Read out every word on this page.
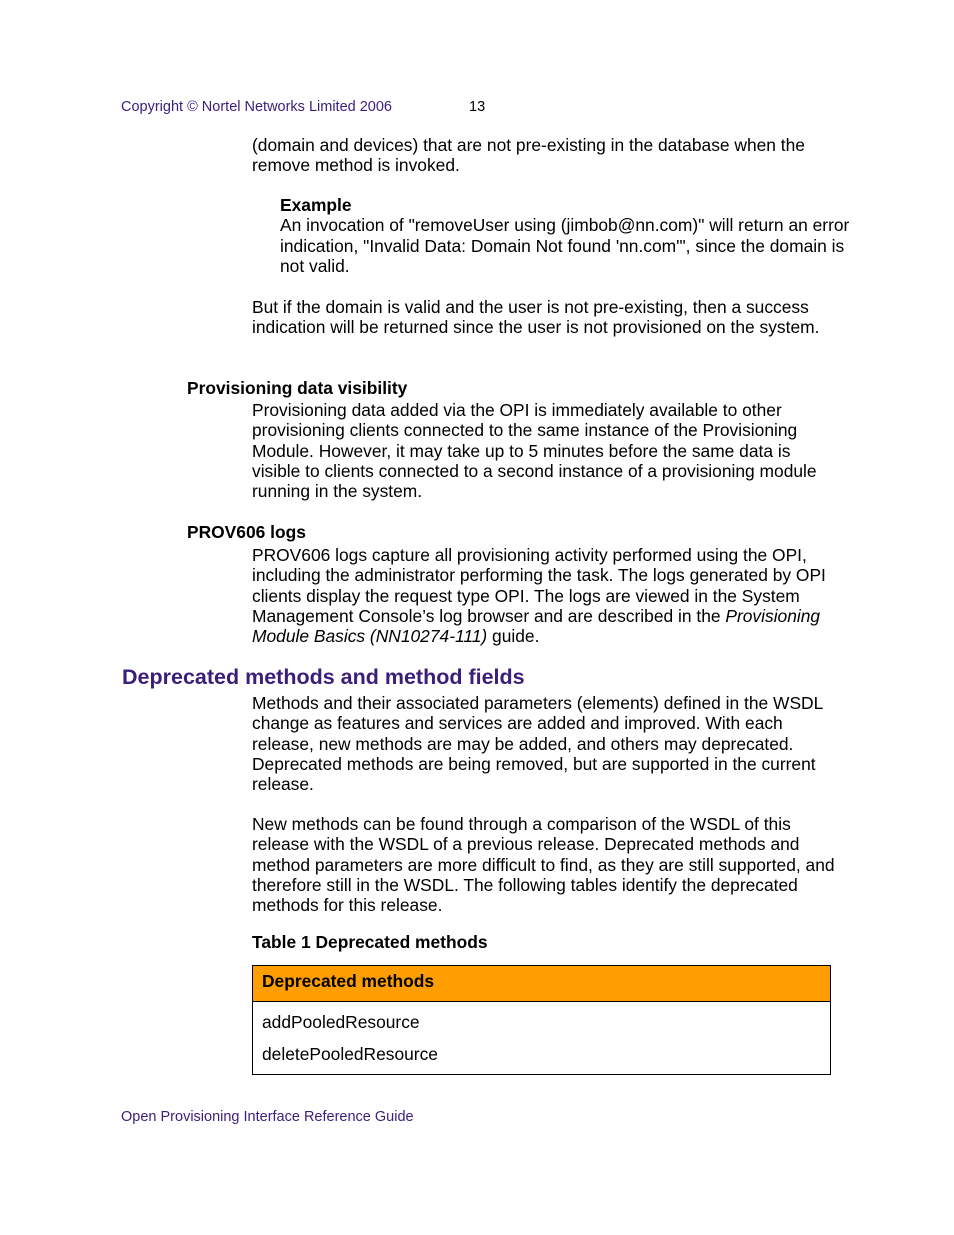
Copyright © Nortel Networks Limited 2006	13

(domain and devices) that are not pre-existing in the database when the remove method is invoked.

Example
An invocation of "removeUser using (jimbob@nn.com)" will return an error indication, "Invalid Data: Domain Not found 'nn.com'", since the domain is not valid.

But if the domain is valid and the user is not pre-existing, then a success indication will be returned since the user is not provisioned on the system.

Provisioning data visibility

Provisioning data added via the OPI is immediately available to other provisioning clients connected to the same instance of the Provisioning Module. However, it may take up to 5 minutes before the same data is visible to clients connected to a second instance of a provisioning module running in the system.

PROV606 logs

PROV606 logs capture all provisioning activity performed using the OPI, including the administrator performing the task. The logs generated by OPI clients display the request type OPI. The logs are viewed in the System Management Console’s log browser and are described in the Provisioning Module Basics (NN10274-111) guide.

Deprecated methods and method fields

Methods and their associated parameters (elements) defined in the WSDL change as features and services are added and improved. With each release, new methods are may be added, and others may deprecated. Deprecated methods are being removed, but are supported in the current release.

New methods can be found through a comparison of the WSDL of this release with the WSDL of a previous release. Deprecated methods and method parameters are more difficult to find, as they are still supported, and therefore still in the WSDL. The following tables identify the deprecated methods for this release.

Table 1 Deprecated methods
Deprecated methods
addPooledResource
deletePooledResource
Open Provisioning Interface Reference Guide
